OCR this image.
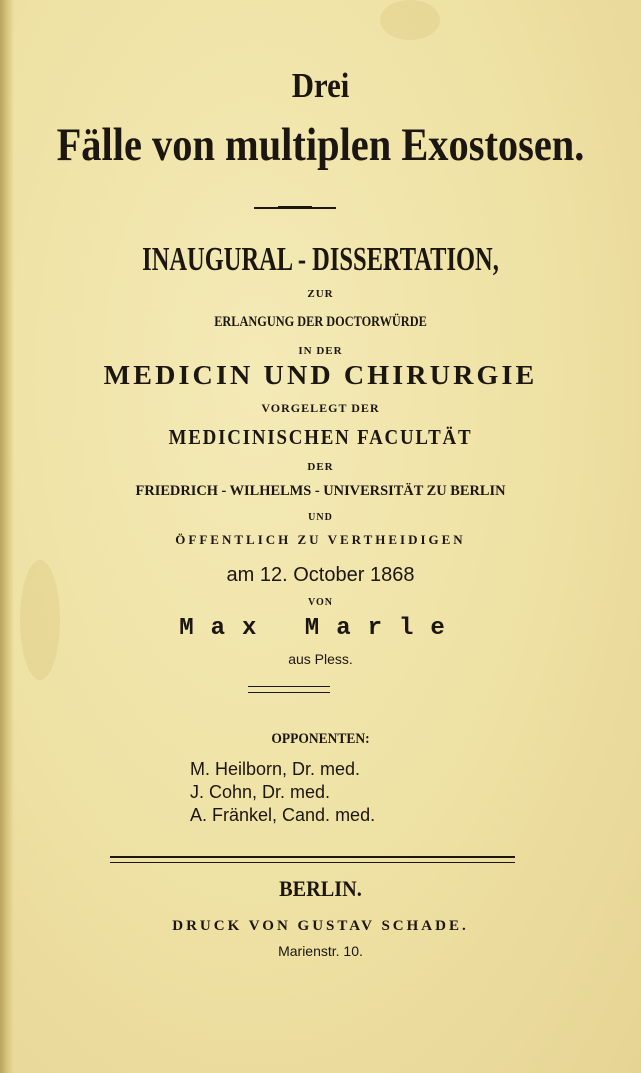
Drei
Fälle von multiplen Exostosen.
INAUGURAL - DISSERTATION,
ZUR
ERLANGUNG DER DOCTORWÜRDE
IN DER
MEDICIN UND CHIRURGIE
VORGELEGT DER
MEDICINISCHEN FACULTÄT
DER
FRIEDRICH - WILHELMS - UNIVERSITÄT ZU BERLIN
UND
ÖFFENTLICH ZU VERTHEIDIGEN
am 12. October 1868
VON
Max Marle
aus Pless.
OPPONENTEN:
M. Heilborn, Dr. med.
J. Cohn, Dr. med.
A. Fränkel, Cand. med.
BERLIN.
DRUCK VON GUSTAV SCHADE.
Marienstr. 10.
